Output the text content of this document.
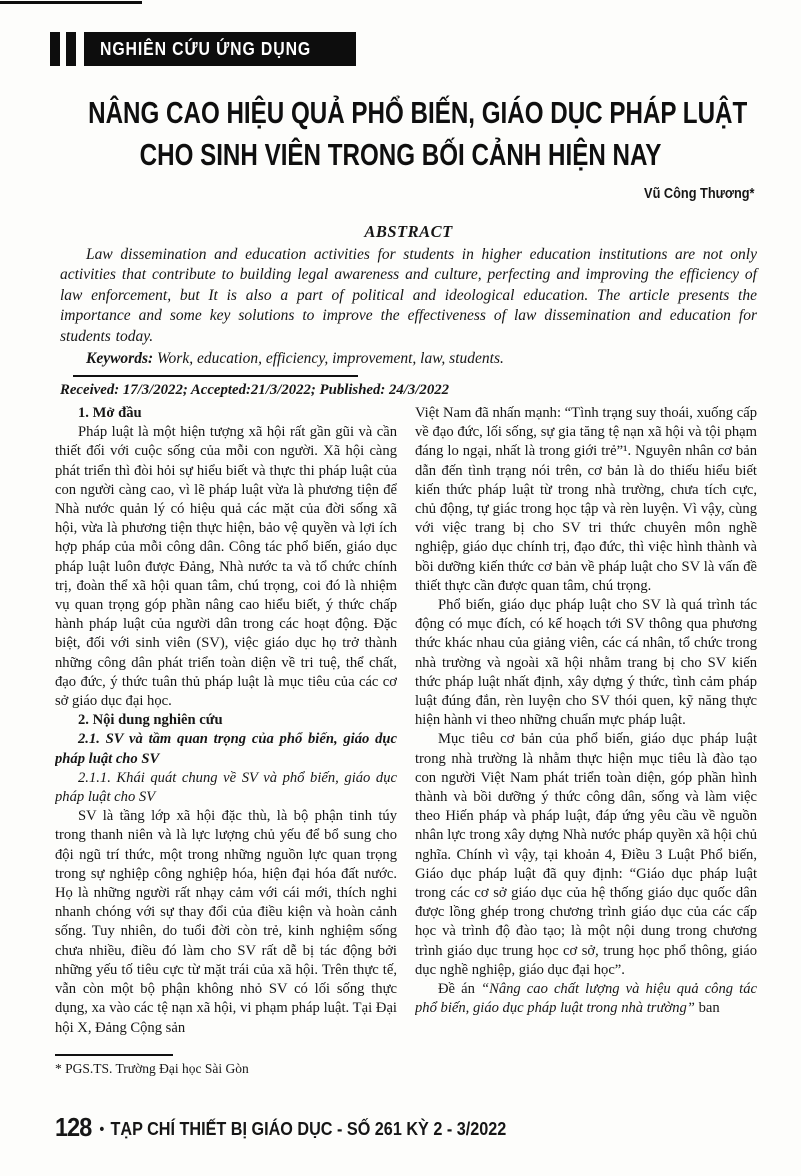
NGHIÊN CỨU ỨNG DỤNG
NÂNG CAO HIỆU QUẢ PHỔ BIẾN, GIÁO DỤC PHÁP LUẬT
CHO SINH VIÊN TRONG BỐI CẢNH HIỆN NAY
Vũ Công Thương*
ABSTRACT
Law dissemination and education activities for students in higher education institutions are not only activities that contribute to building legal awareness and culture, perfecting and improving the efficiency of law enforcement, but It is also a part of political and ideological education. The article presents the importance and some key solutions to improve the effectiveness of law dissemination and education for students today.
Keywords: Work, education, efficiency, improvement, law, students.
Received: 17/3/2022; Accepted:21/3/2022; Published: 24/3/2022
1. Mở đầu

Pháp luật là một hiện tượng xã hội rất gần gũi và cần thiết đối với cuộc sống của mỗi con người. Xã hội càng phát triển thì đòi hỏi sự hiểu biết và thực thi pháp luật của con người càng cao, vì lẽ pháp luật vừa là phương tiện để Nhà nước quản lý có hiệu quả các mặt của đời sống xã hội, vừa là phương tiện thực hiện, bảo vệ quyền và lợi ích hợp pháp của mỗi công dân. Công tác phổ biến, giáo dục pháp luật luôn được Đảng, Nhà nước ta và tổ chức chính trị, đoàn thể xã hội quan tâm, chú trọng, coi đó là nhiệm vụ quan trọng góp phần nâng cao hiểu biết, ý thức chấp hành pháp luật của người dân trong các hoạt động. Đặc biệt, đối với sinh viên (SV), việc giáo dục họ trở thành những công dân phát triển toàn diện về tri tuệ, thể chất, đạo đức, ý thức tuân thủ pháp luật là mục tiêu của các cơ sở giáo dục đại học.

2. Nội dung nghiên cứu
2.1. SV và tầm quan trọng của phổ biến, giáo dục pháp luật cho SV
2.1.1. Khái quát chung về SV và phổ biến, giáo dục pháp luật cho SV

SV là tầng lớp xã hội đặc thù, là bộ phận tinh túy trong thanh niên và là lực lượng chủ yếu để bổ sung cho đội ngũ trí thức, một trong những nguồn lực quan trọng trong sự nghiệp công nghiệp hóa, hiện đại hóa đất nước. Họ là những người rất nhạy cảm với cái mới, thích nghi nhanh chóng với sự thay đổi của điều kiện và hoàn cảnh sống. Tuy nhiên, do tuổi đời còn trẻ, kinh nghiệm sống chưa nhiều, điều đó làm cho SV rất dễ bị tác động bởi những yếu tố tiêu cực từ mặt trái của xã hội. Trên thực tế, vẫn còn một bộ phận không nhỏ SV có lối sống thực dụng, xa vào các tệ nạn xã hội, vi phạm pháp luật. Tại Đại hội X, Đảng Cộng sản

Việt Nam đã nhấn mạnh: “Tình trạng suy thoái, xuống cấp về đạo đức, lối sống, sự gia tăng tệ nạn xã hội và tội phạm đáng lo ngại, nhất là trong giới trẻ”¹. Nguyên nhân cơ bản dẫn đến tình trạng nói trên, cơ bản là do thiếu hiểu biết kiến thức pháp luật từ trong nhà trường, chưa tích cực, chủ động, tự giác trong học tập và rèn luyện. Vì vậy, cùng với việc trang bị cho SV tri thức chuyên môn nghề nghiệp, giáo dục chính trị, đạo đức, thì việc hình thành và bồi dưỡng kiến thức cơ bản về pháp luật cho SV là vấn đề thiết thực cần được quan tâm, chú trọng.

Phổ biến, giáo dục pháp luật cho SV là quá trình tác động có mục đích, có kế hoạch tới SV thông qua phương thức khác nhau của giảng viên, các cá nhân, tổ chức trong nhà trường và ngoài xã hội nhằm trang bị cho SV kiến thức pháp luật nhất định, xây dựng ý thức, tình cảm pháp luật đúng đắn, rèn luyện cho SV thói quen, kỹ năng thực hiện hành vi theo những chuẩn mực pháp luật.

Mục tiêu cơ bản của phổ biến, giáo dục pháp luật trong nhà trường là nhằm thực hiện mục tiêu là đào tạo con người Việt Nam phát triển toàn diện, góp phần hình thành và bồi dưỡng ý thức công dân, sống và làm việc theo Hiến pháp và pháp luật, đáp ứng yêu cầu về nguồn nhân lực trong xây dựng Nhà nước pháp quyền xã hội chủ nghĩa. Chính vì vậy, tại khoản 4, Điều 3 Luật Phổ biến, Giáo dục pháp luật đã quy định: “Giáo dục pháp luật trong các cơ sở giáo dục của hệ thống giáo dục quốc dân được lồng ghép trong chương trình giáo dục của các cấp học và trình độ đào tạo; là một nội dung trong chương trình giáo dục trung học cơ sở, trung học phổ thông, giáo dục nghề nghiệp, giáo dục đại học”.

Đề án “Nâng cao chất lượng và hiệu quả công tác phổ biến, giáo dục pháp luật trong nhà trường” ban

* PGS.TS. Trường Đại học Sài Gòn
128 • TẠP CHÍ THIẾT BỊ GIÁO DỤC - SỐ 261 KỲ 2 - 3/2022
